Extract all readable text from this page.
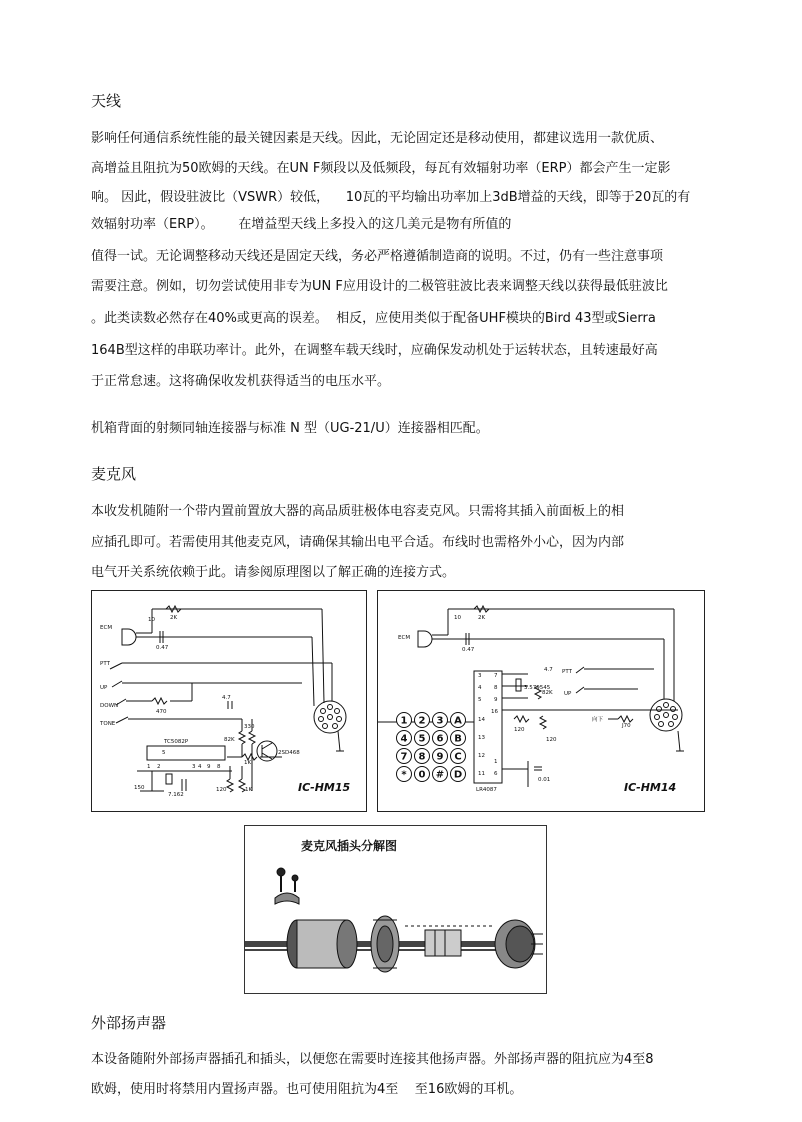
天线
影响任何通信系统性能的最关键因素是天线。因此，无论固定还是移动使用，都建议选用一款优质、
高增益且阻抗为50欧姆的天线。在UN F频段以及低频段，每瓦有效辐射功率（ERP）都会产生一定影
响。 因此，假设驻波比（VSWR）较低，    10瓦的平均输出功率加上3dB增益的天线，即等于20瓦的有
效辐射功率（ERP）。      在增益型天线上多投入的这几美元是物有所值的
值得一试。无论调整移动天线还是固定天线，务必严格遵循制造商的说明。不过，仍有一些注意事项
需要注意。例如，切勿尝试使用非专为UN F应用设计的二极管驻波比表来调整天线以获得最低驻波比
。此类读数必然存在40%或更高的误差。  相反，应使用类似于配备UHF模块的Bird 43型或Sierra
164B型这样的串联功率计。此外，在调整车载天线时，应确保发动机处于运转状态，且转速最好高
于正常怠速。这将确保收发机获得适当的电压水平。
机箱背面的射频同轴连接器与标准 N 型（UG-21/U）连接器相匹配。
麦克风
本收发机随附一个带内置前置放大器的高品质驻极体电容麦克风。只需将其插入前面板上的相
应插孔即可。若需使用其他麦克风，请确保其输出电平合适。布线时也需格外小心，因为内部
电气开关系统依赖于此。请参阅原理图以了解正确的连接方式。
ECM
2K
10
0.47
PTT
UP
DOWN
470
TONE
4.7
TC5082P
5
1 2	9 8
1K
82K
330
120	1K
2SD468
150
7.162
3 4
IC-HM15
ECM
2K
10
0.47
LR4087
3 7
4 8
5 9
16
14
13
12
11 6
1
3.579545
82K
4.7
120
120
0.01
PTT
UP
向下
J70
IC-HM14
1 2 3 A
4 5 6 B
7 8 9 C
* 0 # D
麦克风插头分解图
外部扬声器
本设备随附外部扬声器插孔和插头，以便您在需要时连接其他扬声器。外部扬声器的阻抗应为4至8
欧姆，使用时将禁用内置扬声器。也可使用阻抗为4至    至16欧姆的耳机。
